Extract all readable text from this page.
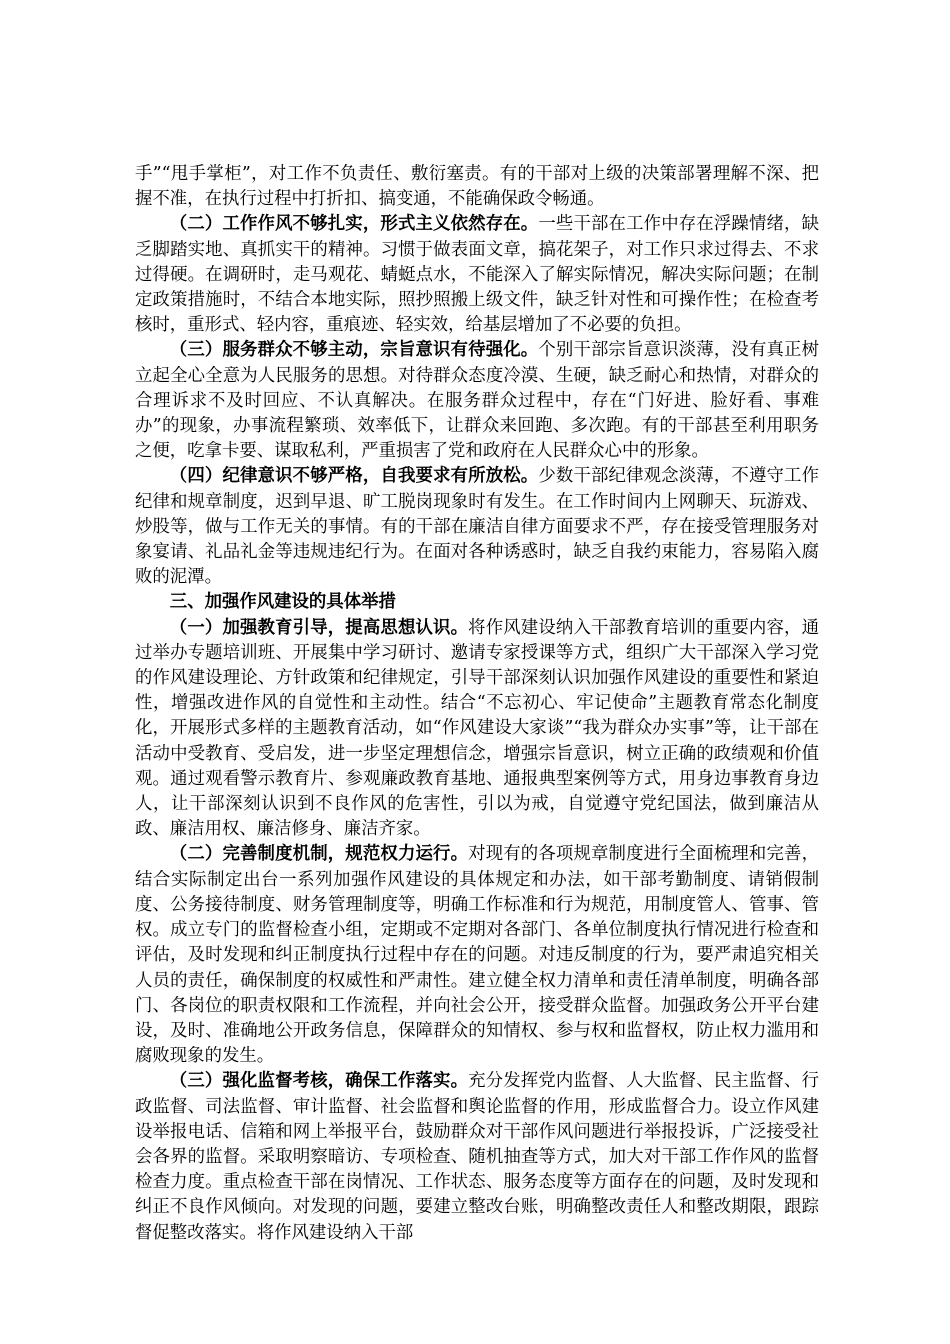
手”“甩手掌柜”，对工作不负责任、敷衍塞责。有的干部对上级的决策部署理解不深、把握不准，在执行过程中打折扣、搞变通，不能确保政令畅通。

（二）工作作风不够扎实，形式主义依然存在。一些干部在工作中存在浮躁情绪，缺乏脚踏实地、真抓实干的精神。习惯于做表面文章，搞花架子，对工作只求过得去、不求过得硬。在调研时，走马观花、蜻蜓点水，不能深入了解实际情况，解决实际问题；在制定政策措施时，不结合本地实际，照抄照搬上级文件，缺乏针对性和可操作性；在检查考核时，重形式、轻内容，重痕迹、轻实效，给基层增加了不必要的负担。

（三）服务群众不够主动，宗旨意识有待强化。个别干部宗旨意识淡薄，没有真正树立起全心全意为人民服务的思想。对待群众态度冷漠、生硬，缺乏耐心和热情，对群众的合理诉求不及时回应、不认真解决。在服务群众过程中，存在“门好进、脸好看、事难办”的现象，办事流程繁琐、效率低下，让群众来回跑、多次跑。有的干部甚至利用职务之便，吃拿卡要、谋取私利，严重损害了党和政府在人民群众心中的形象。

（四）纪律意识不够严格，自我要求有所放松。少数干部纪律观念淡薄，不遵守工作纪律和规章制度，迟到早退、旷工脱岗现象时有发生。在工作时间内上网聊天、玩游戏、炒股等，做与工作无关的事情。有的干部在廉洁自律方面要求不严，存在接受管理服务对象宴请、礼品礼金等违规违纪行为。在面对各种诱惑时，缺乏自我约束能力，容易陷入腐败的泥潭。

三、加强作风建设的具体举措

（一）加强教育引导，提高思想认识。将作风建设纳入干部教育培训的重要内容，通过举办专题培训班、开展集中学习研讨、邀请专家授课等方式，组织广大干部深入学习党的作风建设理论、方针政策和纪律规定，引导干部深刻认识加强作风建设的重要性和紧迫性，增强改进作风的自觉性和主动性。结合“不忘初心、牢记使命”主题教育常态化制度化，开展形式多样的主题教育活动，如“作风建设大家谈”“我为群众办实事”等，让干部在活动中受教育、受启发，进一步坚定理想信念，增强宗旨意识，树立正确的政绩观和价值观。通过观看警示教育片、参观廉政教育基地、通报典型案例等方式，用身边事教育身边人，让干部深刻认识到不良作风的危害性，引以为戒，自觉遵守党纪国法，做到廉洁从政、廉洁用权、廉洁修身、廉洁齐家。

（二）完善制度机制，规范权力运行。对现有的各项规章制度进行全面梳理和完善，结合实际制定出台一系列加强作风建设的具体规定和办法，如干部考勤制度、请销假制度、公务接待制度、财务管理制度等，明确工作标准和行为规范，用制度管人、管事、管权。成立专门的监督检查小组，定期或不定期对各部门、各单位制度执行情况进行检查和评估，及时发现和纠正制度执行过程中存在的问题。对违反制度的行为，要严肃追究相关人员的责任，确保制度的权威性和严肃性。建立健全权力清单和责任清单制度，明确各部门、各岗位的职责权限和工作流程，并向社会公开，接受群众监督。加强政务公开平台建设，及时、准确地公开政务信息，保障群众的知情权、参与权和监督权，防止权力滥用和腐败现象的发生。

（三）强化监督考核，确保工作落实。充分发挥党内监督、人大监督、民主监督、行政监督、司法监督、审计监督、社会监督和舆论监督的作用，形成监督合力。设立作风建设举报电话、信箱和网上举报平台，鼓励群众对干部作风问题进行举报投诉，广泛接受社会各界的监督。采取明察暗访、专项检查、随机抽查等方式，加大对干部工作作风的监督检查力度。重点检查干部在岗情况、工作状态、服务态度等方面存在的问题，及时发现和纠正不良作风倾向。对发现的问题，要建立整改台账，明确整改责任人和整改期限，跟踪督促整改落实。将作风建设纳入干部
